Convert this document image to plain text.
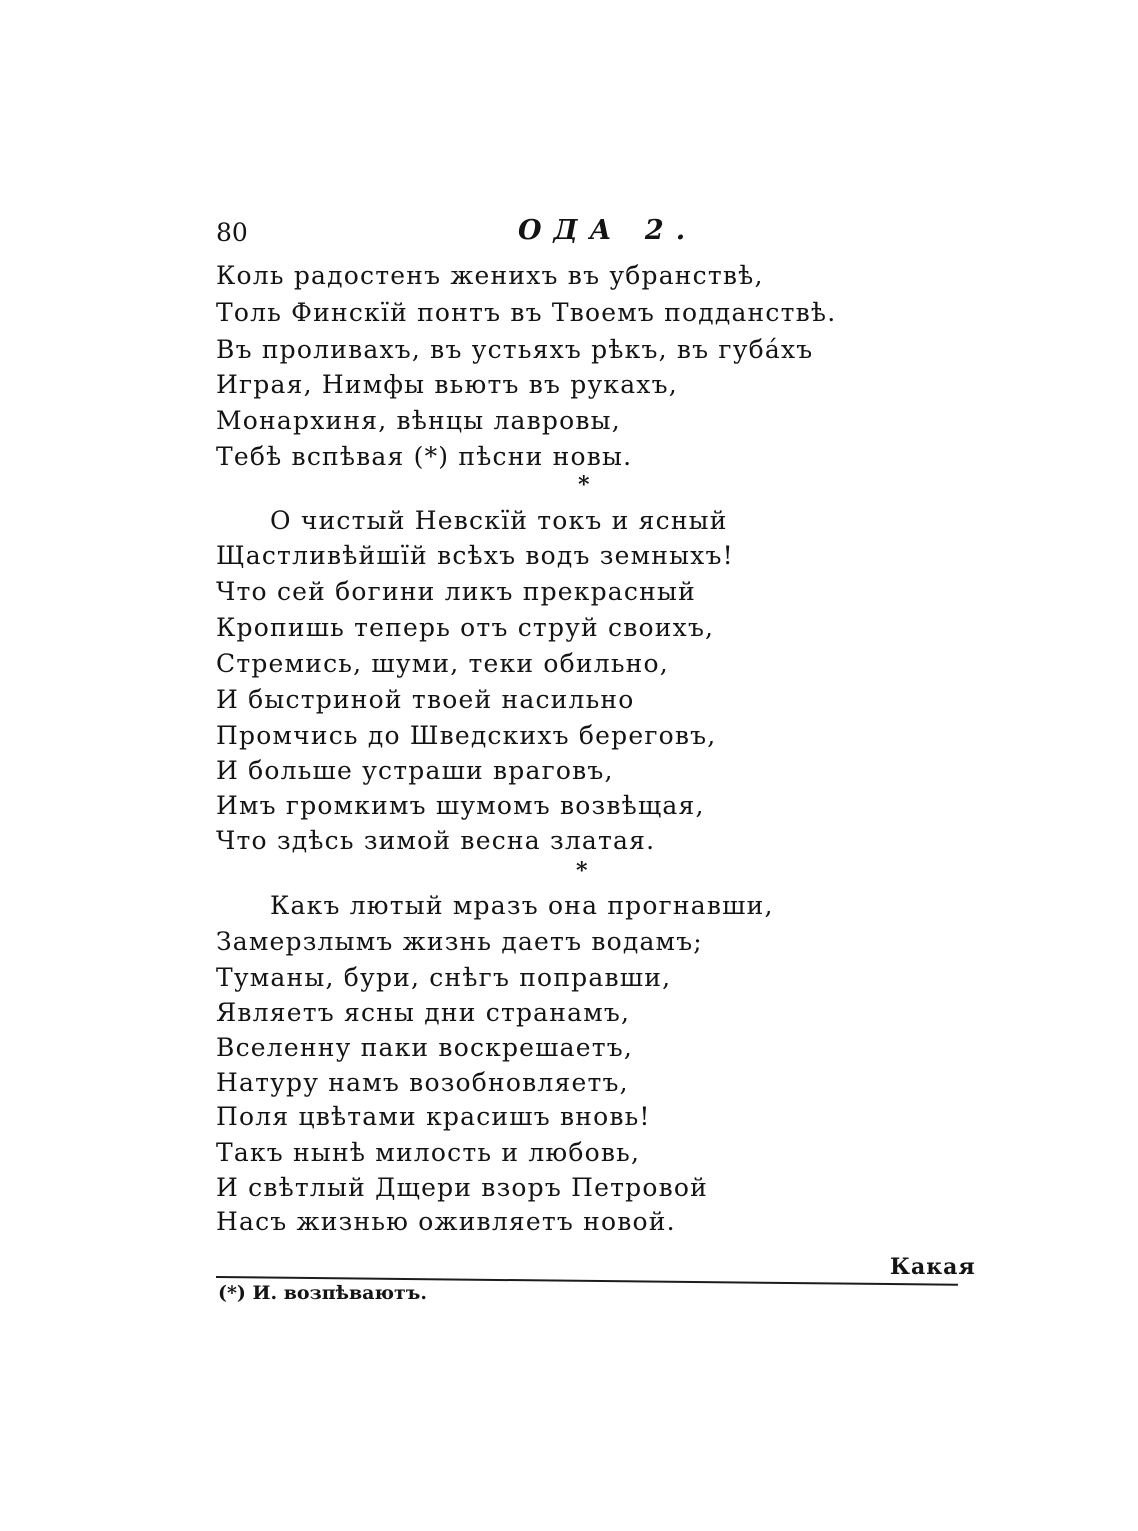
80	ОДА 2.
Коль радостенъ женихъ въ убранствѣ,
Толь Финскїй понтъ въ Твоемъ подданствѣ.
Въ проливахъ, въ устьяхъ рѣкъ, въ губáхъ
Играя, Нимфы вьютъ въ рукахъ,
Монархиня, вѣнцы лавровы,
Тебѣ вспѣвая (*) пѣсни новы.
*
О чистый Невскїй токъ и ясный
Щастливѣйшїй всѣхъ водъ земныхъ!
Что сей богини ликъ прекрасный
Кропишь теперь отъ струй своихъ,
Стремись, шуми, теки обильно,
И быстриной твоей насильно
Промчись до Шведскихъ береговъ,
И больше устраши враговъ,
Имъ громкимъ шумомъ возвѣщая,
Что здѣсь зимой весна златая.
*
Какъ лютый мразъ она прогнавши,
Замерзлымъ жизнь даетъ водамъ;
Туманы, бури, снѣгъ поправши,
Являетъ ясны дни странамъ,
Вселенну паки воскрешаетъ,
Натуру намъ возобновляетъ,
Поля цвѣтами красишъ вновь!
Такъ нынѣ милость и любовь,
И свѣтлый Дщери взоръ Петровой
Насъ жизнью оживляетъ новой.
Какая
(*) И. возпѣваютъ.
